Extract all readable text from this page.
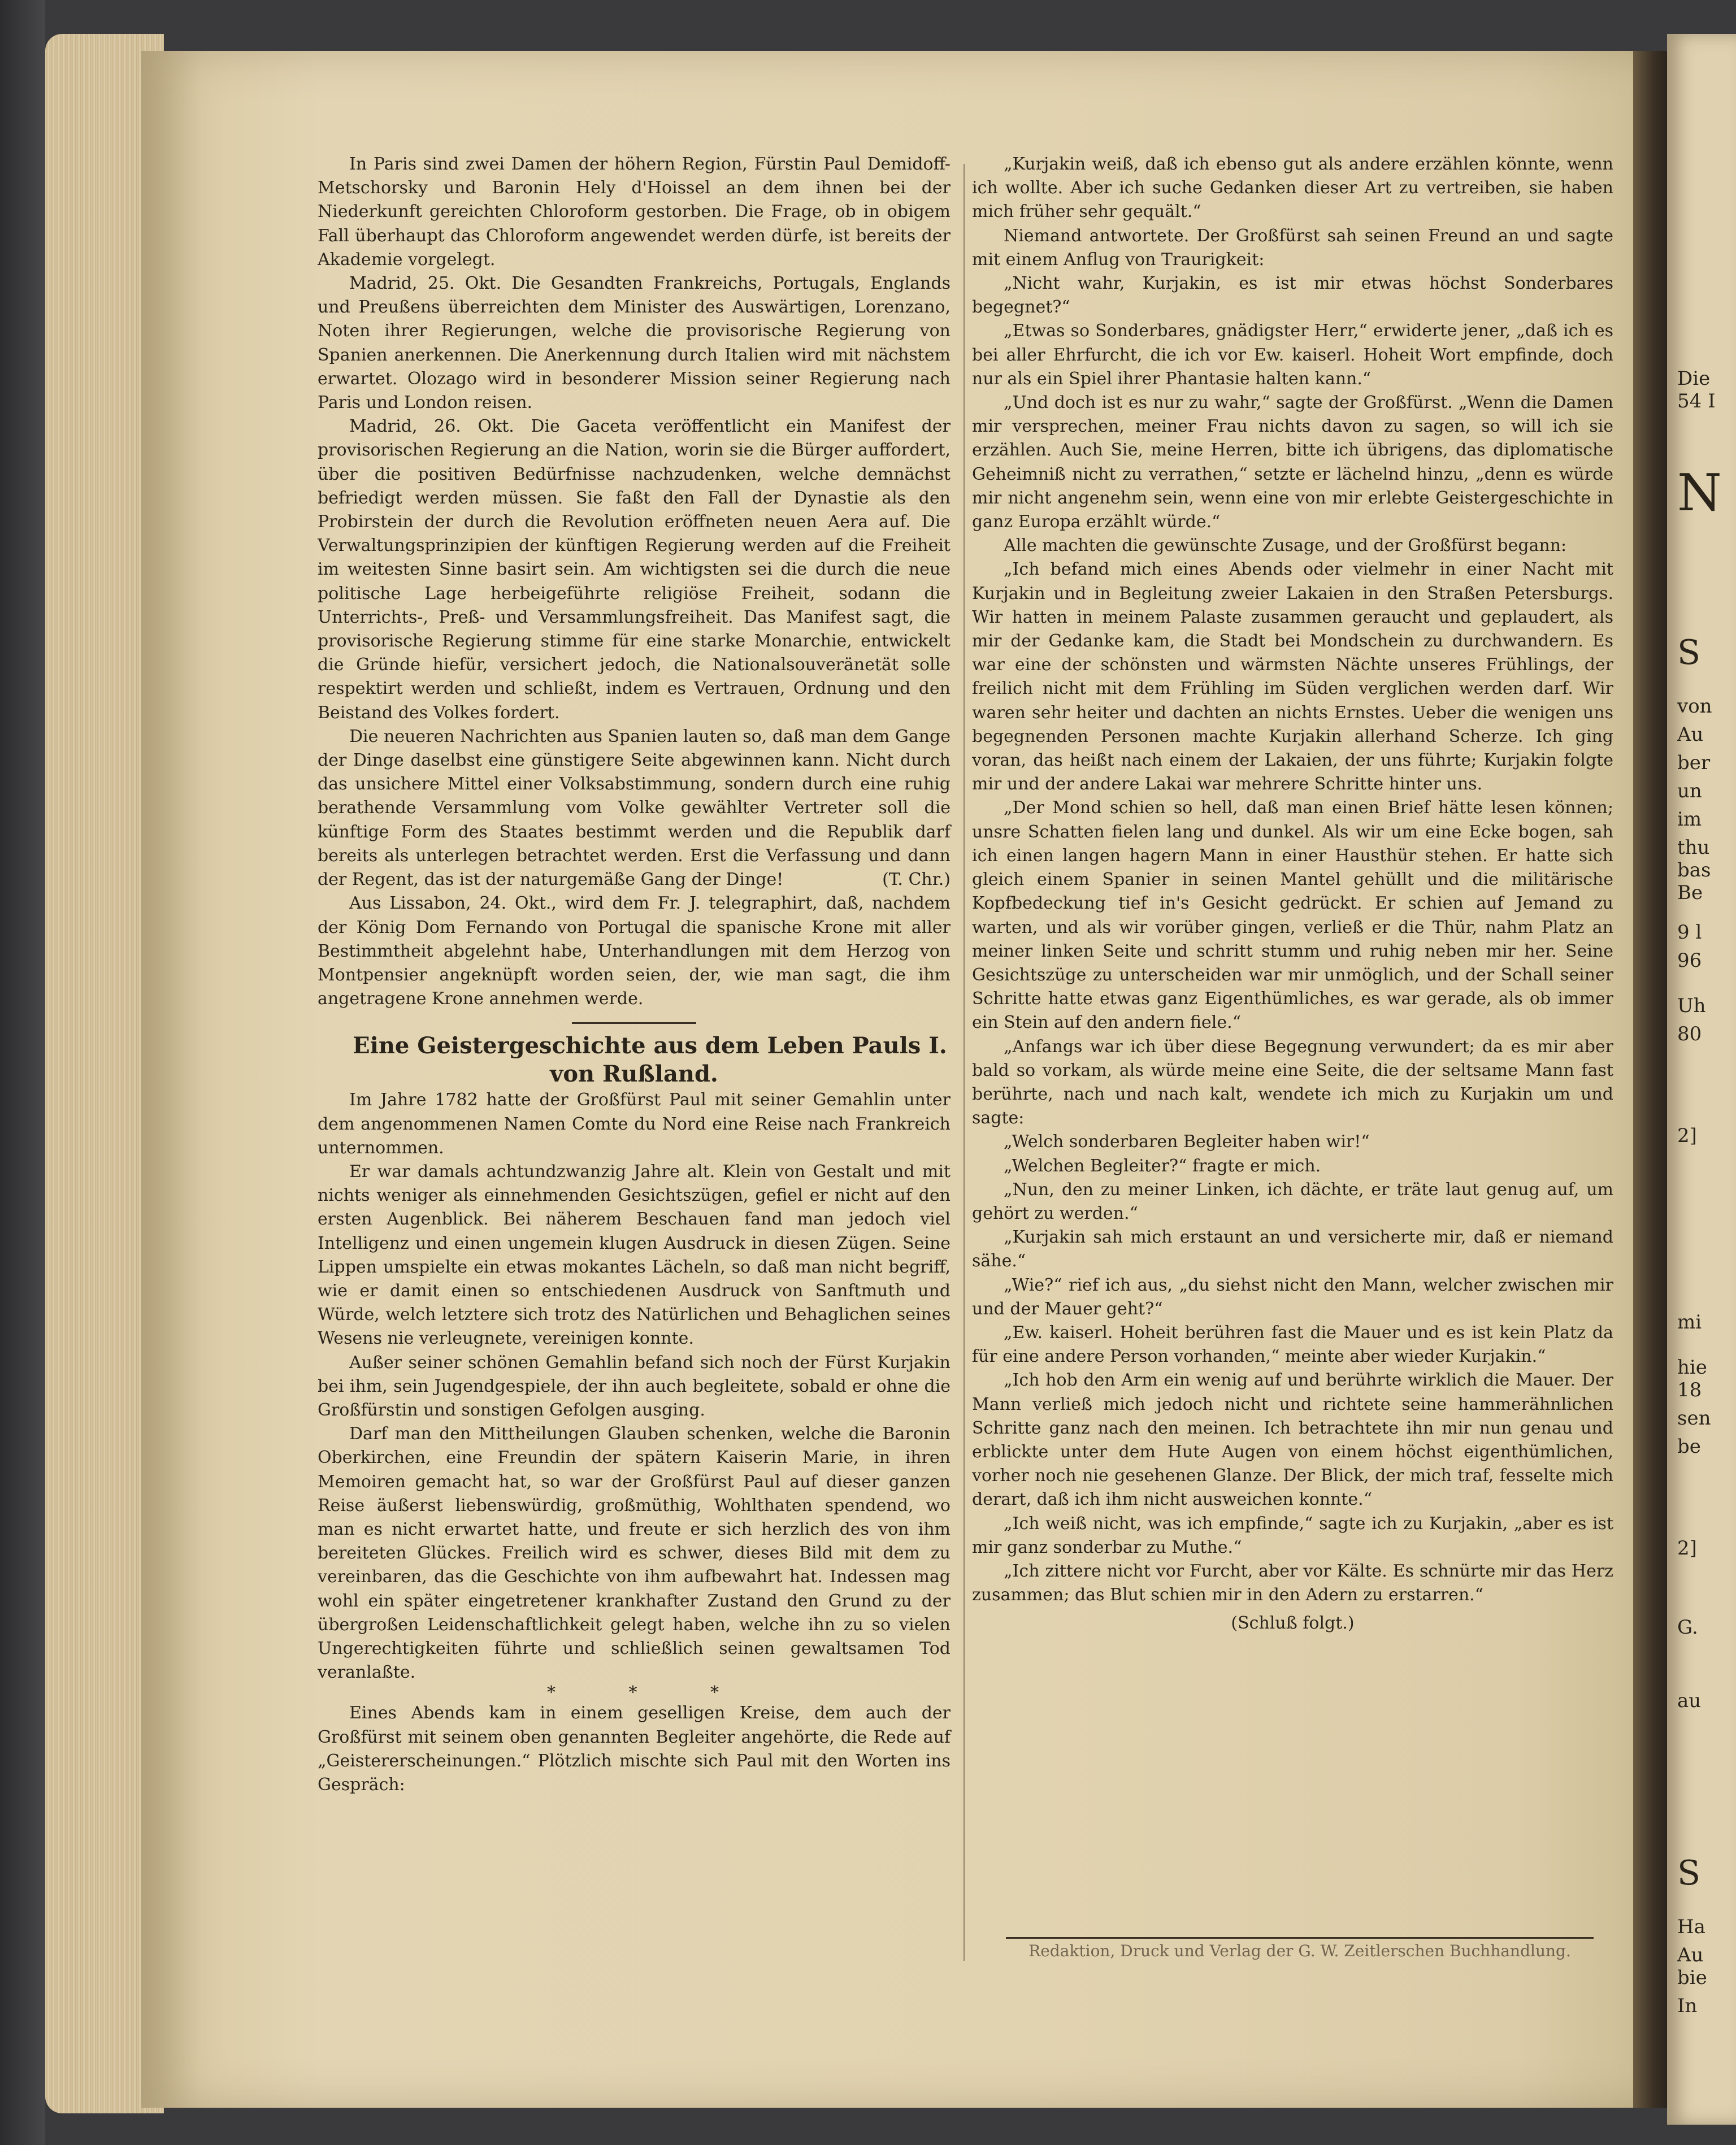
In Paris sind zwei Damen der höhern Region, Fürstin Paul Demidoff-Metschorsky und Baronin Hely d'Hoissel an dem ihnen bei der Niederkunft gereichten Chloroform gestorben. Die Frage, ob in obigem Fall überhaupt das Chloroform angewendet werden dürfe, ist bereits der Akademie vorgelegt.

Madrid, 25. Okt. Die Gesandten Frankreichs, Portugals, Englands und Preußens überreichten dem Minister des Auswärtigen, Lorenzano, Noten ihrer Regierungen, welche die provisorische Regierung von Spanien anerkennen. Die Anerkennung durch Italien wird mit nächstem erwartet. Olozago wird in besonderer Mission seiner Regierung nach Paris und London reisen.

Madrid, 26. Okt. Die Gaceta veröffentlicht ein Manifest der provisorischen Regierung an die Nation, worin sie die Bürger auffordert, über die positiven Bedürfnisse nachzudenken, welche demnächst befriedigt werden müssen. Sie faßt den Fall der Dynastie als den Probirstein der durch die Revolution eröffneten neuen Aera auf. Die Verwaltungsprinzipien der künftigen Regierung werden auf die Freiheit im weitesten Sinne basirt sein. Am wichtigsten sei die durch die neue politische Lage herbeigeführte religiöse Freiheit, sodann die Unterrichts-, Preß- und Versammlungsfreiheit. Das Manifest sagt, die provisorische Regierung stimme für eine starke Monarchie, entwickelt die Gründe hiefür, versichert jedoch, die Nationalsouveränetät solle respektirt werden und schließt, indem es Vertrauen, Ordnung und den Beistand des Volkes fordert.

Die neueren Nachrichten aus Spanien lauten so, daß man dem Gange der Dinge daselbst eine günstigere Seite abgewinnen kann. Nicht durch das unsichere Mittel einer Volksabstimmung, sondern durch eine ruhig berathende Versammlung vom Volke gewählter Vertreter soll die künftige Form des Staates bestimmt werden und die Republik darf bereits als unterlegen betrachtet werden. Erst die Verfassung und dann der Regent, das ist der naturgemäße Gang der Dinge!	(T. Chr.)

Aus Lissabon, 24. Okt., wird dem Fr. J. telegraphirt, daß, nachdem der König Dom Fernando von Portugal die spanische Krone mit aller Bestimmtheit abgelehnt habe, Unterhandlungen mit dem Herzog von Montpensier angeknüpft worden seien, der, wie man sagt, die ihm angetragene Krone annehmen werde.

Eine Geistergeschichte aus dem Leben Pauls I.
von Rußland.

Im Jahre 1782 hatte der Großfürst Paul mit seiner Gemahlin unter dem angenommenen Namen Comte du Nord eine Reise nach Frankreich unternommen.

Er war damals achtundzwanzig Jahre alt. Klein von Gestalt und mit nichts weniger als einnehmenden Gesichtszügen, gefiel er nicht auf den ersten Augenblick. Bei näherem Beschauen fand man jedoch viel Intelligenz und einen ungemein klugen Ausdruck in diesen Zügen. Seine Lippen umspielte ein etwas mokantes Lächeln, so daß man nicht begriff, wie er damit einen so entschiedenen Ausdruck von Sanftmuth und Würde, welch letztere sich trotz des Natürlichen und Behaglichen seines Wesens nie verleugnete, vereinigen konnte.

Außer seiner schönen Gemahlin befand sich noch der Fürst Kurjakin bei ihm, sein Jugendgespiele, der ihn auch begleitete, sobald er ohne die Großfürstin und sonstigen Gefolgen ausging.

Darf man den Mittheilungen Glauben schenken, welche die Baronin Oberkirchen, eine Freundin der spätern Kaiserin Marie, in ihren Memoiren gemacht hat, so war der Großfürst Paul auf dieser ganzen Reise äußerst liebenswürdig, großmüthig, Wohlthaten spendend, wo man es nicht erwartet hatte, und freute er sich herzlich des von ihm bereiteten Glückes. Freilich wird es schwer, dieses Bild mit dem zu vereinbaren, das die Geschichte von ihm aufbewahrt hat. Indessen mag wohl ein später eingetretener krankhafter Zustand den Grund zu der übergroßen Leidenschaftlichkeit gelegt haben, welche ihn zu so vielen Ungerechtigkeiten führte und schließlich seinen gewaltsamen Tod veranlaßte.

* * *

Eines Abends kam in einem geselligen Kreise, dem auch der Großfürst mit seinem oben genannten Begleiter angehörte, die Rede auf „Geistererscheinungen.“ Plötzlich mischte sich Paul mit den Worten ins Gespräch:

„Kurjakin weiß, daß ich ebenso gut als andere erzählen könnte, wenn ich wollte. Aber ich suche Gedanken dieser Art zu vertreiben, sie haben mich früher sehr gequält.“

Niemand antwortete. Der Großfürst sah seinen Freund an und sagte mit einem Anflug von Traurigkeit:

„Nicht wahr, Kurjakin, es ist mir etwas höchst Sonderbares begegnet?“

„Etwas so Sonderbares, gnädigster Herr,“ erwiderte jener, „daß ich es bei aller Ehrfurcht, die ich vor Ew. kaiserl. Hoheit Wort empfinde, doch nur als ein Spiel ihrer Phantasie halten kann.“

„Und doch ist es nur zu wahr,“ sagte der Großfürst. „Wenn die Damen mir versprechen, meiner Frau nichts davon zu sagen, so will ich sie erzählen. Auch Sie, meine Herren, bitte ich übrigens, das diplomatische Geheimniß nicht zu verrathen,“ setzte er lächelnd hinzu, „denn es würde mir nicht angenehm sein, wenn eine von mir erlebte Geistergeschichte in ganz Europa erzählt würde.“

Alle machten die gewünschte Zusage, und der Großfürst begann:

„Ich befand mich eines Abends oder vielmehr in einer Nacht mit Kurjakin und in Begleitung zweier Lakaien in den Straßen Petersburgs. Wir hatten in meinem Palaste zusammen geraucht und geplaudert, als mir der Gedanke kam, die Stadt bei Mondschein zu durchwandern. Es war eine der schönsten und wärmsten Nächte unseres Frühlings, der freilich nicht mit dem Frühling im Süden verglichen werden darf. Wir waren sehr heiter und dachten an nichts Ernstes. Ueber die wenigen uns begegnenden Personen machte Kurjakin allerhand Scherze. Ich ging voran, das heißt nach einem der Lakaien, der uns führte; Kurjakin folgte mir und der andere Lakai war mehrere Schritte hinter uns.

„Der Mond schien so hell, daß man einen Brief hätte lesen können; unsre Schatten fielen lang und dunkel. Als wir um eine Ecke bogen, sah ich einen langen hagern Mann in einer Hausthür stehen. Er hatte sich gleich einem Spanier in seinen Mantel gehüllt und die militärische Kopfbedeckung tief in's Gesicht gedrückt. Er schien auf Jemand zu warten, und als wir vorüber gingen, verließ er die Thür, nahm Platz an meiner linken Seite und schritt stumm und ruhig neben mir her. Seine Gesichtszüge zu unterscheiden war mir unmöglich, und der Schall seiner Schritte hatte etwas ganz Eigenthümliches, es war gerade, als ob immer ein Stein auf den andern fiele.“

„Anfangs war ich über diese Begegnung verwundert; da es mir aber bald so vorkam, als würde meine eine Seite, die der seltsame Mann fast berührte, nach und nach kalt, wendete ich mich zu Kurjakin um und sagte:

„Welch sonderbaren Begleiter haben wir!“

„Welchen Begleiter?“ fragte er mich.

„Nun, den zu meiner Linken, ich dächte, er träte laut genug auf, um gehört zu werden.“

„Kurjakin sah mich erstaunt an und versicherte mir, daß er niemand sähe.“

„Wie?“ rief ich aus, „du siehst nicht den Mann, welcher zwischen mir und der Mauer geht?“

„Ew. kaiserl. Hoheit berühren fast die Mauer und es ist kein Platz da für eine andere Person vorhanden,“ meinte aber wieder Kurjakin.“

„Ich hob den Arm ein wenig auf und berührte wirklich die Mauer. Der Mann verließ mich jedoch nicht und richtete seine hammerähnlichen Schritte ganz nach den meinen. Ich betrachtete ihn mir nun genau und erblickte unter dem Hute Augen von einem höchst eigenthümlichen, vorher noch nie gesehenen Glanze. Der Blick, der mich traf, fesselte mich derart, daß ich ihm nicht ausweichen konnte.“

„Ich weiß nicht, was ich empfinde,“ sagte ich zu Kurjakin, „aber es ist mir ganz sonderbar zu Muthe.“

„Ich zittere nicht vor Furcht, aber vor Kälte. Es schnürte mir das Herz zusammen; das Blut schien mir in den Adern zu erstarren.“

(Schluß folgt.)

Redaktion, Druck und Verlag der G. W. Zeitlerschen Buchhandlung.
Die
54 I
N
S
von
Au
ber
un
im
thu
bas
Be
9 l
96
Uh
80
2]
mi
hie
18
sen
be
2]
G.
au
S
Ha
Au
bie
In
